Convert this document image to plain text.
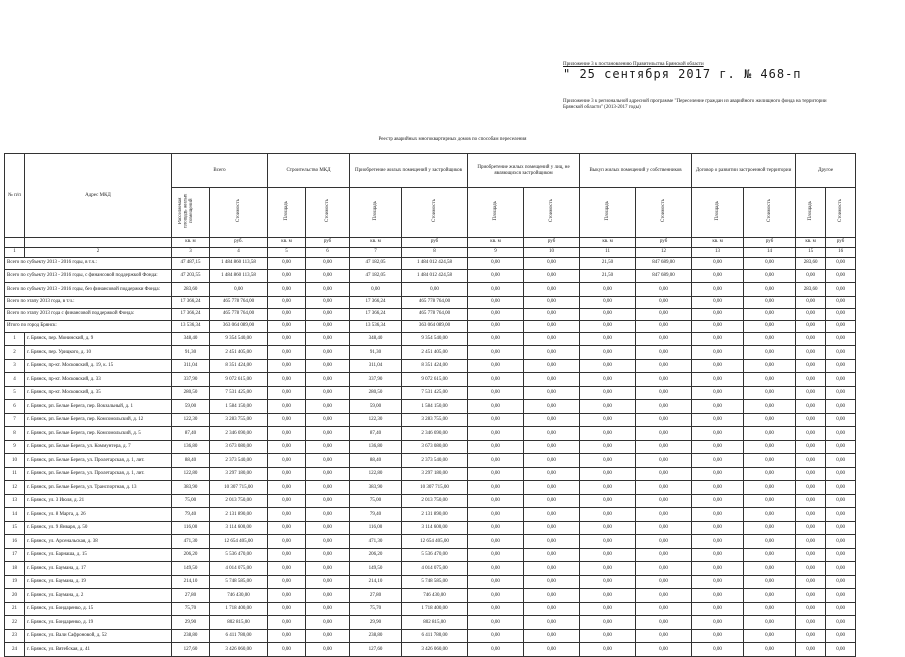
Приложение 3 к постановлению Правительства Брянской области
" 25 сентября 2017 г. № 468-п
Приложение 3 к региональной адресной программе "Переселение граждан из аварийного жилищного фонда на территории
Брянской области" (2013-2017 годы)
Реестр аварийных многоквартирных домов по способам переселения
№ п/п	Адрес МКД	Всего		Строительство МКД		Приобретение жилых помещений у застройщиков		Приобретение жилых помещений у лиц, не являющихся застройщиком		Выкуп жилых помещений у собственников		Договор о развитии застроенной территории		Другое	
		Расселяемая площадь жилых помещений	Стоимость	Площадь	Стоимость	Площадь	Стоимость	Площадь	Стоимость	Площадь	Стоимость	Площадь	Стоимость	Площадь	Стоимость
		кв. м	руб.	кв. м	руб	кв. м	руб	кв. м	руб	кв. м	руб	кв. м	руб	кв. м	руб
1	2	3	4	5	6	7	8	9	10	11	12	13	14	15	16
Всего по субъекту 2013 - 2016 годы, в т.ч.:		47 487,15	1 484 860 113,58	0,00	0,00	47 182,05	1 484 012 424,58	0,00	0,00	21,50	847 689,00	0,00	0,00	283,60	0,00
Всего по субъекту 2013 - 2016 годы, с финансовой поддержкой Фонда:		47 203,55	1 484 860 113,58	0,00	0,00	47 182,05	1 484 012 424,58	0,00	0,00	21,50	847 689,00	0,00	0,00	0,00	0,00
Всего по субъекту 2013 - 2016 годы, без финансовой поддержки Фонда:		283,60	0,00	0,00	0,00	0,00	0,00	0,00	0,00	0,00	0,00	0,00	0,00	283,60	0,00
Всего по этапу 2013 года, в т.ч.:		17 366,24	465 778 764,00	0,00	0,00	17 366,24	465 778 764,00	0,00	0,00	0,00	0,00	0,00	0,00	0,00	0,00
Всего по этапу 2013 года с финансовой поддержкой Фонда:		17 366,24	465 778 764,00	0,00	0,00	17 366,24	465 778 764,00	0,00	0,00	0,00	0,00	0,00	0,00	0,00	0,00
Итого по город Брянск:		13 536,34	363 064 089,00	0,00	0,00	13 536,34	363 064 089,00	0,00	0,00	0,00	0,00	0,00	0,00	0,00	0,00
1	г. Брянск, пер. Монинский, д. 9	348,40	9 354 540,00	0,00	0,00	348,40	9 354 540,00	0,00	0,00	0,00	0,00	0,00	0,00	0,00	0,00
2	г. Брянск, пер. Урицкого, д. 10	91,30	2 451 405,00	0,00	0,00	91,30	2 451 405,00	0,00	0,00	0,00	0,00	0,00	0,00	0,00	0,00
3	г. Брянск, пр-кт. Московский, д. 19, к. 15	311,04	8 351 424,00	0,00	0,00	311,04	8 351 424,00	0,00	0,00	0,00	0,00	0,00	0,00	0,00	0,00
4	г. Брянск, пр-кт. Московский, д. 33	337,90	9 072 615,00	0,00	0,00	337,90	9 072 615,00	0,00	0,00	0,00	0,00	0,00	0,00	0,00	0,00
5	г. Брянск, пр-кт. Московский, д. 35	280,50	7 531 425,00	0,00	0,00	280,50	7 531 425,00	0,00	0,00	0,00	0,00	0,00	0,00	0,00	0,00
6	г. Брянск, рп. Белые Берега, пер. Вокзальный, д. 1	59,00	1 584 150,00	0,00	0,00	59,00	1 584 150,00	0,00	0,00	0,00	0,00	0,00	0,00	0,00	0,00
7	г. Брянск, рп. Белые Берега, пер. Комсомольский, д. 12	122,30	3 283 755,00	0,00	0,00	122,30	3 283 755,00	0,00	0,00	0,00	0,00	0,00	0,00	0,00	0,00
8	г. Брянск, рп. Белые Берега, пер. Комсомольский, д. 5	87,40	2 346 690,00	0,00	0,00	87,40	2 346 690,00	0,00	0,00	0,00	0,00	0,00	0,00	0,00	0,00
9	г. Брянск, рп. Белые Берега, ул. Коммунтера, д. 7	136,80	3 673 080,00	0,00	0,00	136,80	3 673 080,00	0,00	0,00	0,00	0,00	0,00	0,00	0,00	0,00
10	г. Брянск, рп. Белые Берега, ул. Пролетарская, д. 1, лит.	88,40	2 373 540,00	0,00	0,00	88,40	2 373 540,00	0,00	0,00	0,00	0,00	0,00	0,00	0,00	0,00
11	г. Брянск, рп. Белые Берега, ул. Пролетарская, д. 1, лит.	122,80	3 297 180,00	0,00	0,00	122,80	3 297 180,00	0,00	0,00	0,00	0,00	0,00	0,00	0,00	0,00
12	г. Брянск, рп. Белые Берега, ул. Транспортная, д. 13	383,90	10 307 715,00	0,00	0,00	383,90	10 307 715,00	0,00	0,00	0,00	0,00	0,00	0,00	0,00	0,00
13	г. Брянск, ул. 3 Июля, д. 21	75,00	2 013 750,00	0,00	0,00	75,00	2 013 750,00	0,00	0,00	0,00	0,00	0,00	0,00	0,00	0,00
14	г. Брянск, ул. 8 Марта, д. 26	79,40	2 131 890,00	0,00	0,00	79,40	2 131 890,00	0,00	0,00	0,00	0,00	0,00	0,00	0,00	0,00
15	г. Брянск, ул. 9 Января, д. 50	116,00	3 114 600,00	0,00	0,00	116,00	3 114 600,00	0,00	0,00	0,00	0,00	0,00	0,00	0,00	0,00
16	г. Брянск, ул. Арсенальская, д. 38	471,30	12 654 405,00	0,00	0,00	471,30	12 654 405,00	0,00	0,00	0,00	0,00	0,00	0,00	0,00	0,00
17	г. Брянск, ул. Барнаша, д. 15	206,20	5 536 470,00	0,00	0,00	206,20	5 536 470,00	0,00	0,00	0,00	0,00	0,00	0,00	0,00	0,00
18	г. Брянск, ул. Бауманa, д. 17	149,50	4 014 075,00	0,00	0,00	149,50	4 014 075,00	0,00	0,00	0,00	0,00	0,00	0,00	0,00	0,00
19	г. Брянск, ул. Бауманa, д. 19	214,10	5 748 585,00	0,00	0,00	214,10	5 748 585,00	0,00	0,00	0,00	0,00	0,00	0,00	0,00	0,00
20	г. Брянск, ул. Бауманa, д. 2	27,80	746 430,00	0,00	0,00	27,80	746 430,00	0,00	0,00	0,00	0,00	0,00	0,00	0,00	0,00
21	г. Брянск, ул. Бондаренко, д. 15	75,70	1 718 400,00	0,00	0,00	75,70	1 718 400,00	0,00	0,00	0,00	0,00	0,00	0,00	0,00	0,00
22	г. Брянск, ул. Бондаренко, д. 19	29,90	802 815,00	0,00	0,00	29,90	802 815,00	0,00	0,00	0,00	0,00	0,00	0,00	0,00	0,00
23	г. Брянск, ул. Вали Сафроновой, д. 52	238,80	6 411 780,00	0,00	0,00	238,80	6 411 780,00	0,00	0,00	0,00	0,00	0,00	0,00	0,00	0,00
24	г. Брянск, ул. Вятебская, д. 41	127,60	3 426 060,00	0,00	0,00	127,60	3 426 060,00	0,00	0,00	0,00	0,00	0,00	0,00	0,00	0,00
